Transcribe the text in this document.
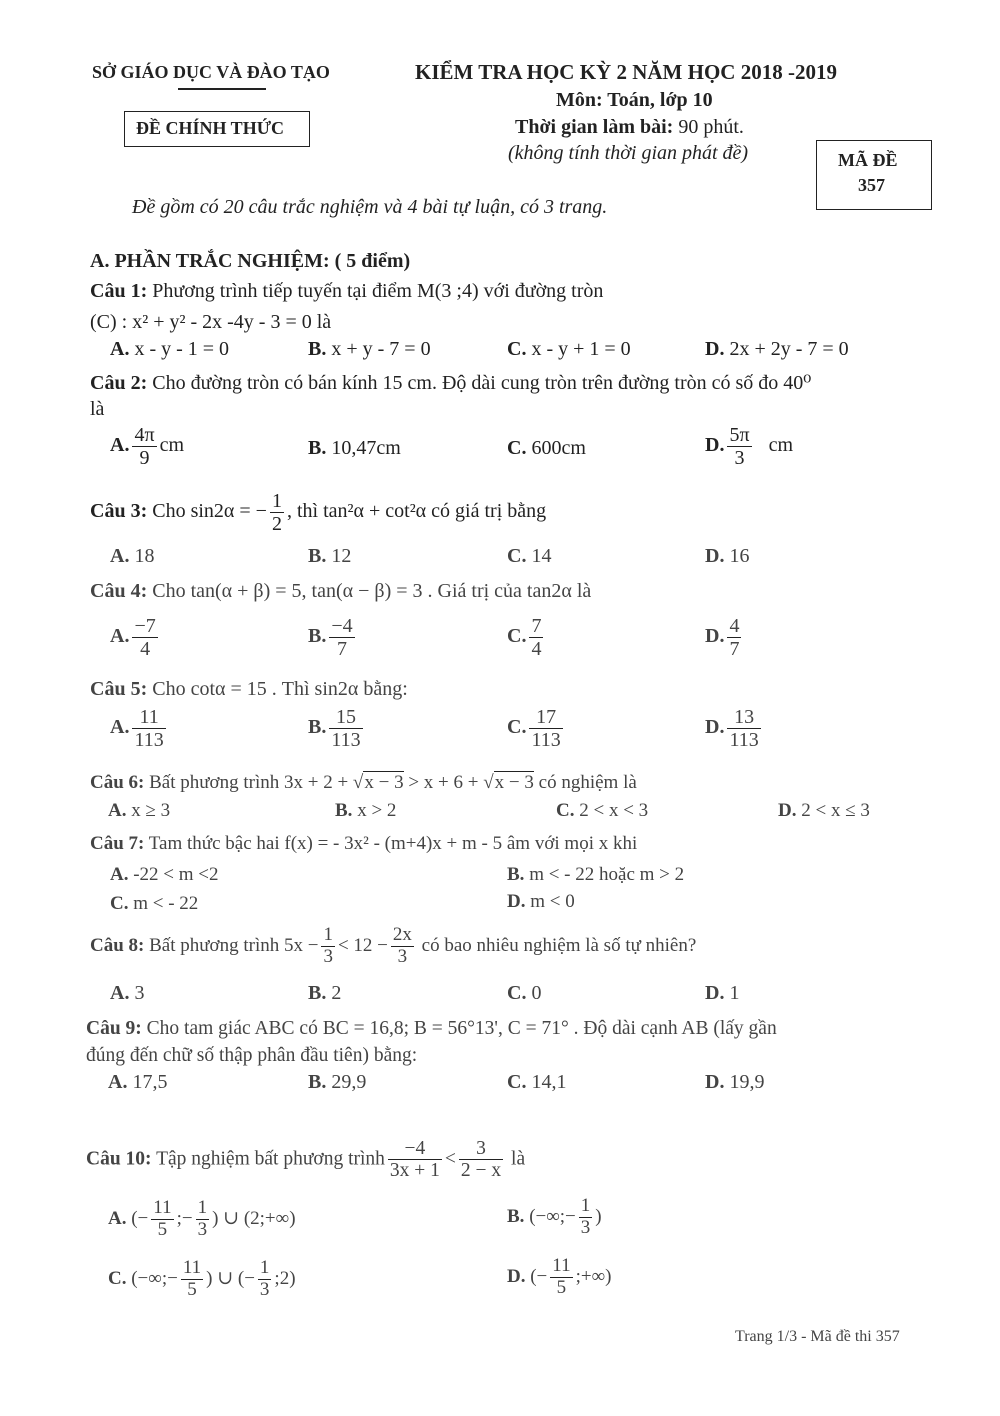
SỞ GIÁO DỤC VÀ ĐÀO TẠO
ĐỀ CHÍNH THỨC
KIỂM TRA HỌC KỲ 2 NĂM HỌC 2018 -2019
Môn: Toán, lớp 10
Thời gian làm bài: 90 phút.
(không tính thời gian phát đề)	MÃ ĐỀ
357
Đề gồm có 20 câu trắc nghiệm và 4 bài tự luận, có 3 trang.
A. PHẦN TRẮC NGHIỆM: ( 5 điểm)
Câu 1: Phương trình tiếp tuyến tại điểm M(3 ;4) với đường tròn
(C) : x² + y² - 2x -4y - 3 = 0 là
A. x - y - 1 = 0	B. x + y - 7 = 0	C. x - y + 1 = 0	D. 2x + 2y - 7 = 0
Câu 2: Cho đường tròn có bán kính 15 cm. Độ dài cung tròn trên đường tròn có số đo 40⁰
là
A. $\frac{4\pi}{9}$ cm	B. 10,47cm	C. 600cm	D. $\frac{5\pi}{3}$ cm
Câu 3: Cho sin2α = − $\frac{1}{2}$ , thì tan²α + cot²α có giá trị bằng
A. 18	B. 12	C. 14	D. 16
Câu 4: Cho tan(α + β) = 5, tan(α − β) = 3 . Giá trị của tan2α là
A. $\frac{-7}{4}$	B. $\frac{-4}{7}$	C. $\frac{7}{4}$	D. $\frac{4}{7}$
Câu 5: Cho cotα = 15 . Thì sin2α bằng:
A. $\frac{11}{113}$	B. $\frac{15}{113}$	C. $\frac{17}{113}$	D. $\frac{13}{113}$
Câu 6: Bất phương trình 3x + 2 + √x − 3 > x + 6 + √x − 3 có nghiệm là
A. x ≥ 3	B. x > 2	C. 2 < x < 3	D. 2 < x ≤ 3
Câu 7: Tam thức bậc hai f(x) = - 3x² - (m+4)x + m - 5 âm với mọi x khi
A. -22 < m <2	B. m < - 22 hoặc m > 2
C. m < - 22	D. m < 0
Câu 8: Bất phương trình $5x - \frac{1}{3} < 12 - \frac{2x}{3}$ có bao nhiêu nghiệm là số tự nhiên?
A. 3	B. 2	C. 0	D. 1
Câu 9: Cho tam giác ABC có BC = 16,8; B = 56°13', C = 71° . Độ dài cạnh AB (lấy gần
đúng đến chữ số thập phân đầu tiên) bằng:
A. 17,5	B. 29,9	C. 14,1	D. 19,9
Câu 10: Tập nghiệm bất phương trình $\frac{-4}{3x + 1} < \frac{3}{2 - x}$ là
A. (− $\frac{11}{5}$ ;− $\frac{1}{3}$ ) ∪ (2;+∞)	B. (−∞;− $\frac{1}{3}$ )
C. (−∞;− $\frac{11}{5}$ ) ∪ (− $\frac{1}{3}$ ;2)	D. (− $\frac{11}{5}$ ;+∞)
Trang 1/3 - Mã đề thi 357
